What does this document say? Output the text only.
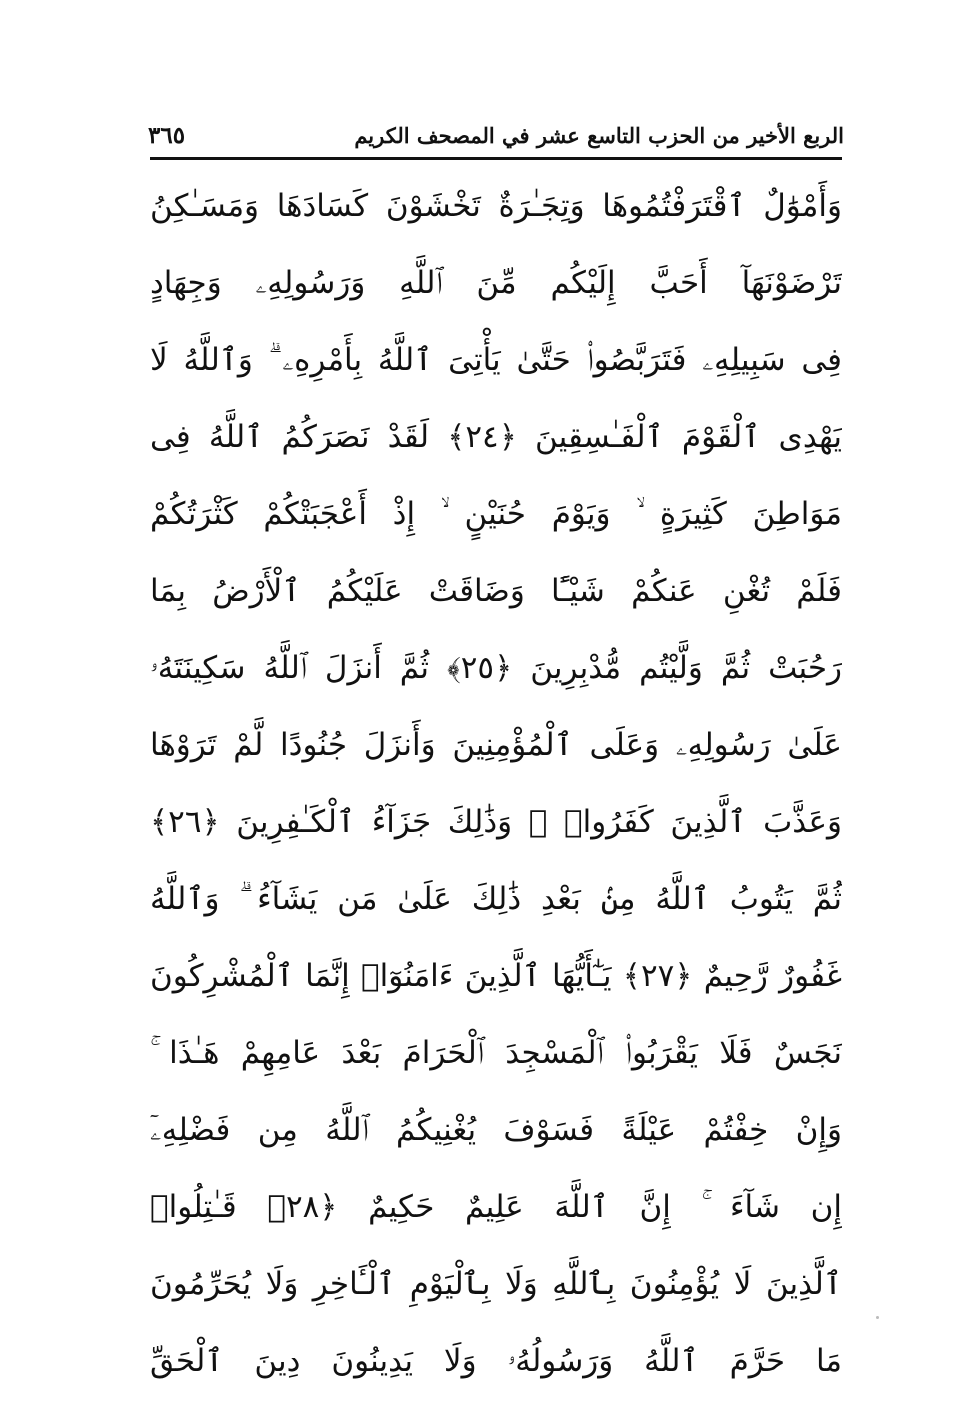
الربع الأخير من الحزب التاسع عشر في المصحف الكريم
٣٦٥
وَأَمْوَٰلٌ ٱقْتَرَفْتُمُوهَا وَتِجَـٰرَةٌ تَخْشَوْنَ كَسَادَهَا وَمَسَـٰكِنُ
تَرْضَوْنَهَآ أَحَبَّ إِلَيْكُم مِّنَ ٱللَّهِ وَرَسُولِهِۦ وَجِهَادٍ
فِى سَبِيلِهِۦ فَتَرَبَّصُوا۟ حَتَّىٰ يَأْتِىَ ٱللَّهُ بِأَمْرِهِۦ ۗ وَٱللَّهُ لَا
يَهْدِى ٱلْقَوْمَ ٱلْفَـٰسِقِينَ ﴿٢٤﴾ لَقَدْ نَصَرَكُمُ ٱللَّهُ فِى
مَوَاطِنَ كَثِيرَةٍ ۙ وَيَوْمَ حُنَيْنٍ ۙ إِذْ أَعْجَبَتْكُمْ كَثْرَتُكُمْ
فَلَمْ تُغْنِ عَنكُمْ شَيْـًٔا وَضَاقَتْ عَلَيْكُمُ ٱلْأَرْضُ بِمَا
رَحُبَتْ ثُمَّ وَلَّيْتُم مُّدْبِرِينَ ﴿٢٥﴾ ثُمَّ أَنزَلَ ٱللَّهُ سَكِينَتَهُۥ
عَلَىٰ رَسُولِهِۦ وَعَلَى ٱلْمُؤْمِنِينَ وَأَنزَلَ جُنُودًا لَّمْ تَرَوْهَا
وَعَذَّبَ ٱلَّذِينَ كَفَرُوا۟ ۚ وَذَٰلِكَ جَزَآءُ ٱلْكَـٰفِرِينَ ﴿٢٦﴾
ثُمَّ يَتُوبُ ٱللَّهُ مِنۢ بَعْدِ ذَٰلِكَ عَلَىٰ مَن يَشَآءُ ۗ وَٱللَّهُ
غَفُورٌ رَّحِيمٌ ﴿٢٧﴾ يَـٰٓأَيُّهَا ٱلَّذِينَ ءَامَنُوٓا۟ إِنَّمَا ٱلْمُشْرِكُونَ
نَجَسٌ فَلَا يَقْرَبُوا۟ ٱلْمَسْجِدَ ٱلْحَرَامَ بَعْدَ عَامِهِمْ هَـٰذَا ۚ
وَإِنْ خِفْتُمْ عَيْلَةً فَسَوْفَ يُغْنِيكُمُ ٱللَّهُ مِن فَضْلِهِۦٓ
إِن شَآءَ ۚ إِنَّ ٱللَّهَ عَلِيمٌ حَكِيمٌ ﴿٢٨﴾ قَـٰتِلُوا۟
ٱلَّذِينَ لَا يُؤْمِنُونَ بِٱللَّهِ وَلَا بِٱلْيَوْمِ ٱلْـَٔاخِرِ وَلَا يُحَرِّمُونَ
مَا حَرَّمَ ٱللَّهُ وَرَسُولُهُۥ وَلَا يَدِينُونَ دِينَ ٱلْحَقِّ
